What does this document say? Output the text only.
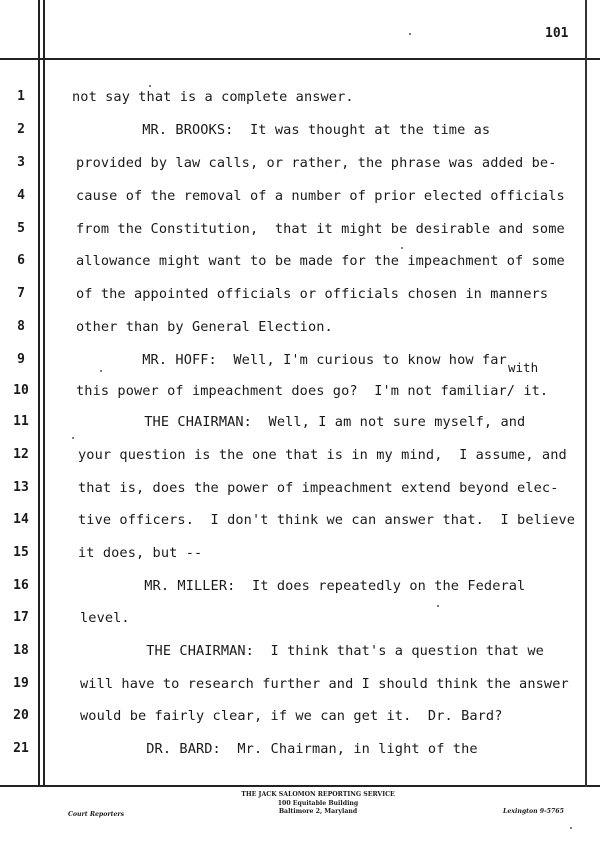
101
1
2
3
4
5
6
7
8
9
10
11
12
13
14
15
16
17
18
19
20
21
not say that is a complete answer.
MR. BROOKS:  It was thought at the time as
provided by law calls, or rather, the phrase was added be-
cause of the removal of a number of prior elected officials
from the Constitution,  that it might be desirable and some
allowance might want to be made for the impeachment of some
of the appointed officials or officials chosen in manners
other than by General Election.
MR. HOFF:  Well, I'm curious to know how far
this power of impeachment does go?  I'm not familiar/ it.
THE CHAIRMAN:  Well, I am not sure myself, and
your question is the one that is in my mind,  I assume, and
that is, does the power of impeachment extend beyond elec-
tive officers.  I don't think we can answer that.  I believe
it does, but --
MR. MILLER:  It does repeatedly on the Federal
level.
THE CHAIRMAN:  I think that's a question that we
will have to research further and I should think the answer
would be fairly clear, if we can get it.  Dr. Bard?
DR. BARD:  Mr. Chairman, in light of the
with
Court Reporters
THE JACK SALOMON REPORTING SERVICE
100 Equitable Building
Baltimore 2, Maryland	Lexington 9-5765
